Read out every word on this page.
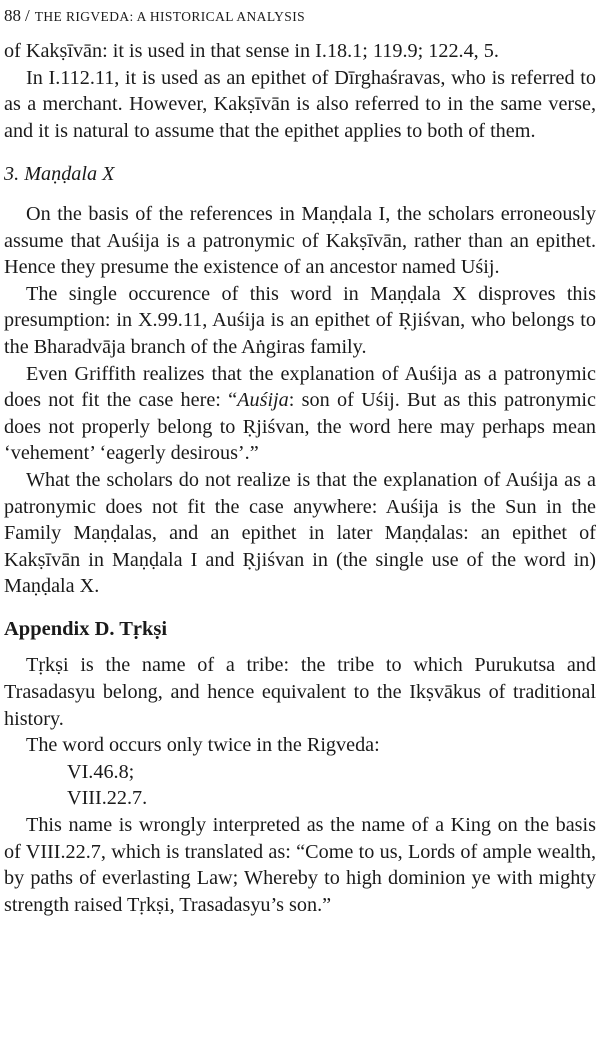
88 / THE RIGVEDA: A HISTORICAL ANALYSIS

of Kakṣīvān: it is used in that sense in I.18.1; 119.9; 122.4, 5.

In I.112.11, it is used as an epithet of Dīrghaśravas, who is referred to as a merchant. However, Kakṣīvān is also referred to in the same verse, and it is natural to assume that the epithet applies to both of them.

3. Maṇḍala X

On the basis of the references in Maṇḍala I, the scholars erroneously assume that Auśija is a patronymic of Kakṣīvān, rather than an epithet. Hence they presume the existence of an ancestor named Uśij.

The single occurence of this word in Maṇḍala X disproves this presumption: in X.99.11, Auśija is an epithet of Ṛjiśvan, who belongs to the Bharadvāja branch of the Aṅgiras family.

Even Griffith realizes that the explanation of Auśija as a patronymic does not fit the case here: “Auśija: son of Uśij. But as this patronymic does not properly belong to Ṛjiśvan, the word here may perhaps mean ‘vehement’ ‘eagerly desirous’.”

What the scholars do not realize is that the explanation of Auśija as a patronymic does not fit the case anywhere: Auśija is the Sun in the Family Maṇḍalas, and an epithet in later Maṇḍalas: an epithet of Kakṣīvān in Maṇḍala I and Ṛjiśvan in (the single use of the word in) Maṇḍala X.

Appendix D. Tṛkṣi

Tṛkṣi is the name of a tribe: the tribe to which Purukutsa and Trasadasyu belong, and hence equivalent to the Ikṣvākus of traditional history.

The word occurs only twice in the Rigveda:

VI.46.8;
VIII.22.7.

This name is wrongly interpreted as the name of a King on the basis of VIII.22.7, which is translated as: “Come to us, Lords of ample wealth, by paths of everlasting Law; Whereby to high dominion ye with mighty strength raised Tṛkṣi, Trasadasyu’s son.”
